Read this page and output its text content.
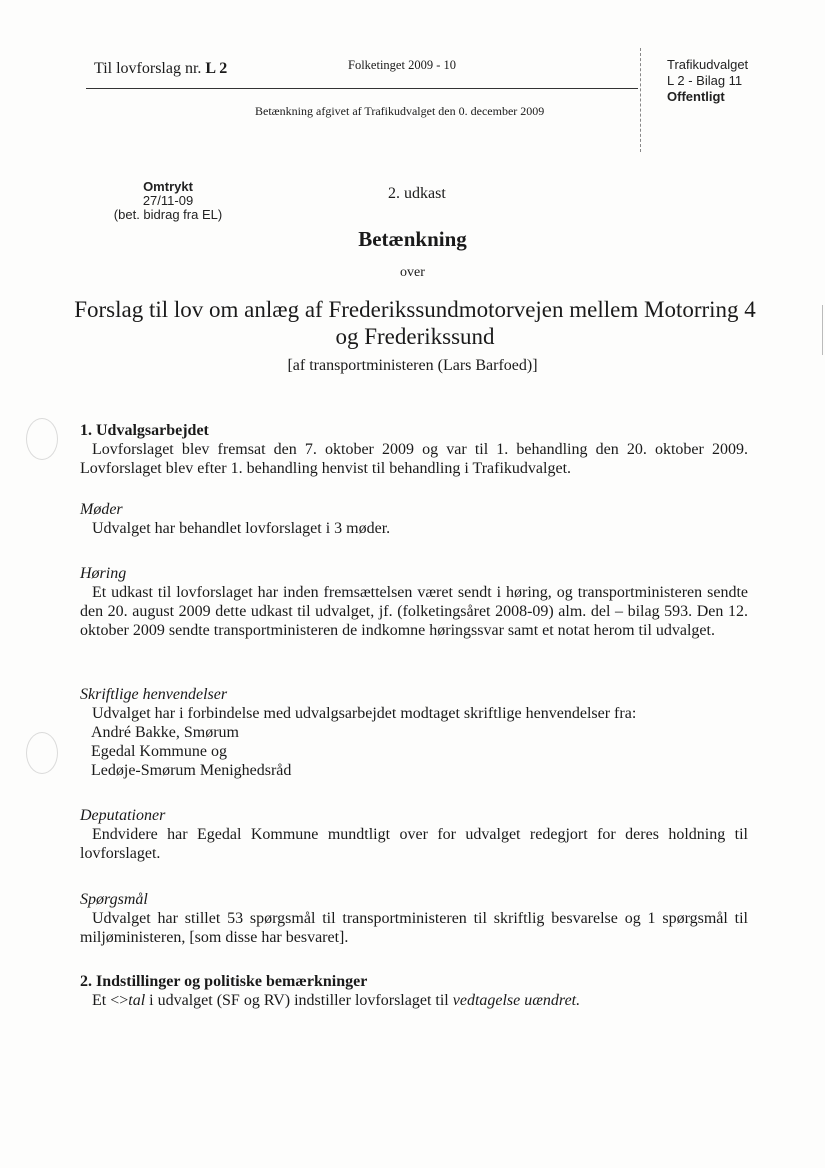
Til lovforslag nr. L 2	Folketinget 2009 - 10
Betænkning afgivet af Trafikudvalget den 0. december 2009
Trafikudvalget
L 2 - Bilag 11
Offentligt
Omtrykt
27/11-09
(bet. bidrag fra EL)
2. udkast
Betænkning
over
Forslag til lov om anlæg af Frederikssundmotorvejen mellem Motorring 4 og Frederikssund
[af transportministeren (Lars Barfoed)]

1. Udvalgsarbejdet

Lovforslaget blev fremsat den 7. oktober 2009 og var til 1. behandling den 20. oktober 2009. Lovforslaget blev efter 1. behandling henvist til behandling i Trafikudvalget.

Møder

Udvalget har behandlet lovforslaget i 3 møder.

Høring

Et udkast til lovforslaget har inden fremsættelsen været sendt i høring, og transportministeren sendte den 20. august 2009 dette udkast til udvalget, jf. (folketingsåret 2008-09) alm. del – bilag 593. Den 12. oktober 2009 sendte transportministeren de indkomne høringssvar samt et notat herom til udvalget.

Skriftlige henvendelser

Udvalget har i forbindelse med udvalgsarbejdet modtaget skriftlige henvendelser fra:

André Bakke, Smørum
Egedal Kommune og
Ledøje-Smørum Menighedsråd

Deputationer

Endvidere har Egedal Kommune mundtligt over for udvalget redegjort for deres holdning til lovforslaget.

Spørgsmål

Udvalget har stillet 53 spørgsmål til transportministeren til skriftlig besvarelse og 1 spørgsmål til miljøministeren, [som disse har besvaret].

2. Indstillinger og politiske bemærkninger

Et <>tal i udvalget (SF og RV) indstiller lovforslaget til vedtagelse uændret.
